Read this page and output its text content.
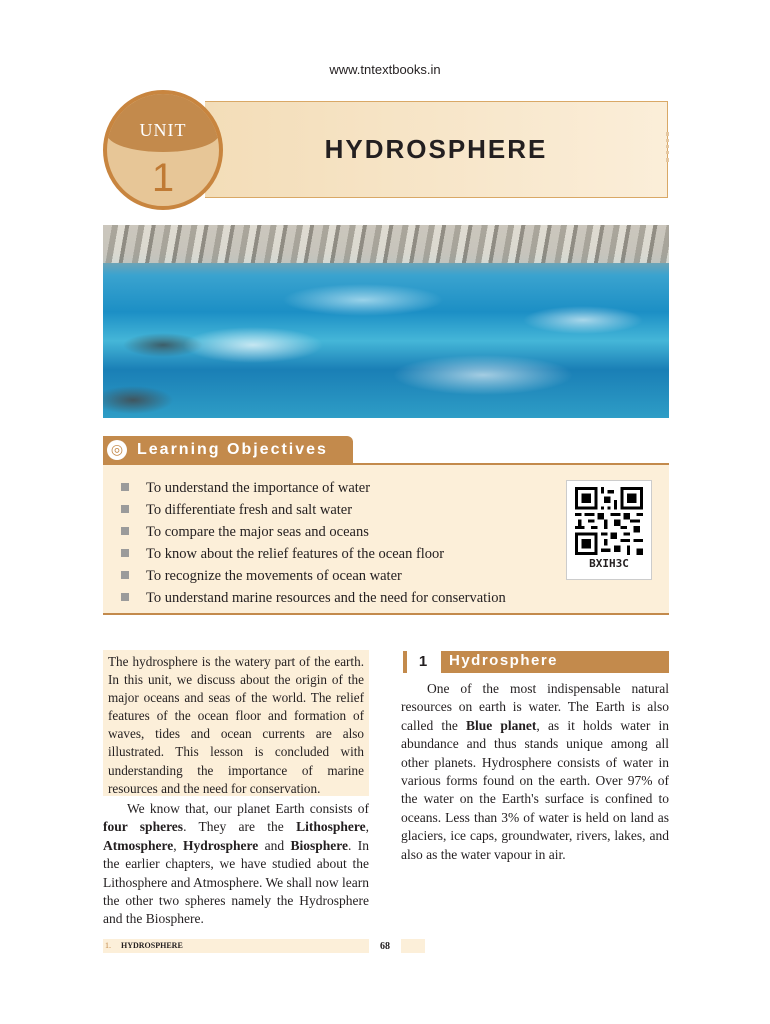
www.tntextbooks.in
HYDROSPHERE
UNIT
1
◎ Learning Objectives
To understand the importance of water
To differentiate fresh and salt water
To compare the major seas and oceans
To know about the relief features of the ocean floor
To recognize the movements of ocean water
To understand marine resources and the need for conservation
BXIH3C

The hydrosphere is the watery part of the earth. In this unit, we discuss about the origin of the major oceans and seas of the world. The relief features of the ocean floor and formation of waves, tides and ocean currents are also illustrated. This lesson is concluded with understanding the importance of marine resources and the need for conservation.

We know that, our planet Earth consists of four spheres. They are the Lithosphere, Atmosphere, Hydrosphere and Biosphere. In the earlier chapters, we have studied about the Lithosphere and Atmosphere. We shall now learn the other two spheres namely the Hydrosphere and the Biosphere.

1	Hydrosphere

One of the most indispensable natural resources on earth is water. The Earth is also called the Blue planet, as it holds water in abundance and thus stands unique among all other planets. Hydrosphere consists of water in various forms found on the earth. Over 97% of the water on the Earth's surface is confined to oceans. Less than 3% of water is held on land as glaciers, ice caps, groundwater, rivers, lakes, and also as the water vapour in air.

1. HYDROSPHERE	68
